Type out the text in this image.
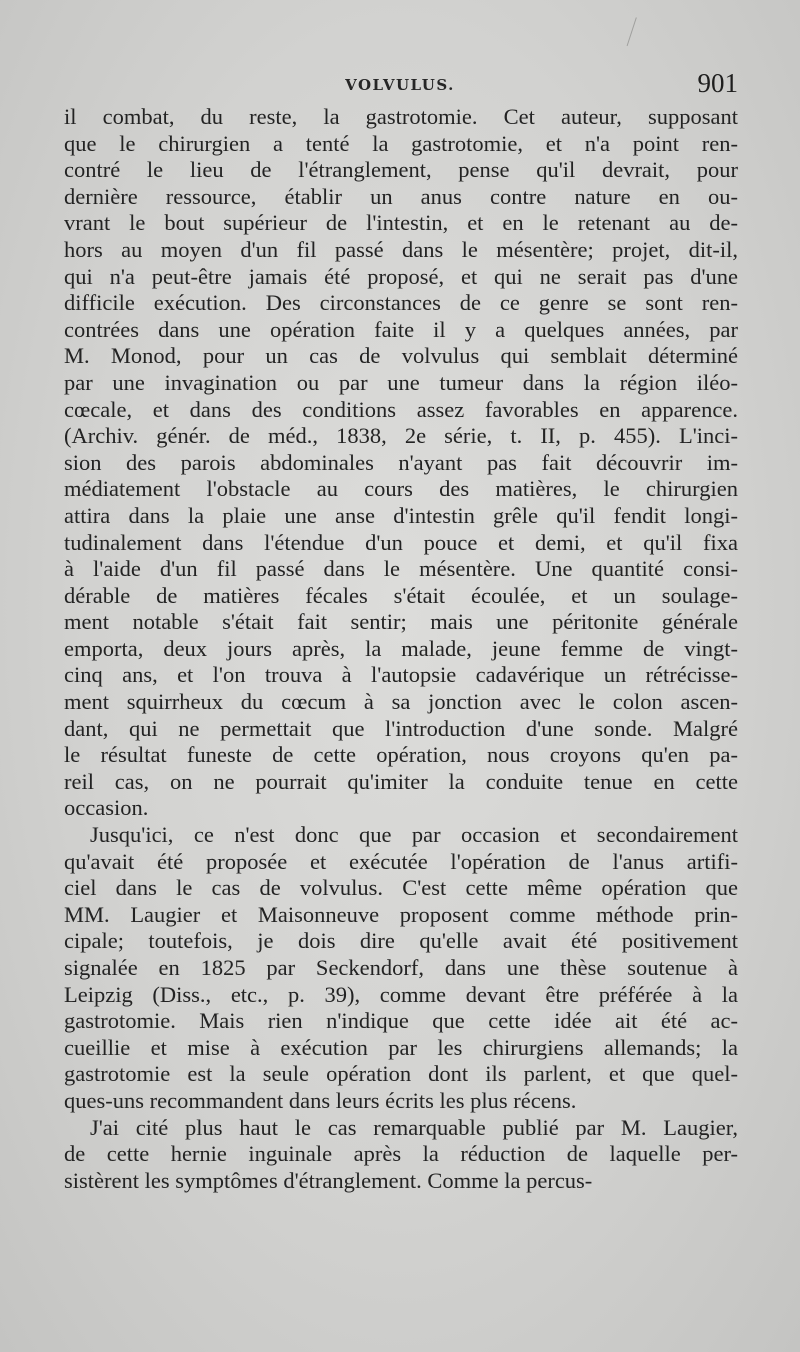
VOLVULUS.	901
il combat, du reste, la gastrotomie. Cet auteur, supposant
que le chirurgien a tenté la gastrotomie, et n'a point ren-
contré le lieu de l'étranglement, pense qu'il devrait, pour
dernière ressource, établir un anus contre nature en ou-
vrant le bout supérieur de l'intestin, et en le retenant au de-
hors au moyen d'un fil passé dans le mésentère; projet, dit-il,
qui n'a peut-être jamais été proposé, et qui ne serait pas d'une
difficile exécution. Des circonstances de ce genre se sont ren-
contrées dans une opération faite il y a quelques années, par
M. Monod, pour un cas de volvulus qui semblait déterminé
par une invagination ou par une tumeur dans la région iléo-
cœcale, et dans des conditions assez favorables en apparence.
(Archiv. génér. de méd., 1838, 2e série, t. II, p. 455). L'inci-
sion des parois abdominales n'ayant pas fait découvrir im-
médiatement l'obstacle au cours des matières, le chirurgien
attira dans la plaie une anse d'intestin grêle qu'il fendit longi-
tudinalement dans l'étendue d'un pouce et demi, et qu'il fixa
à l'aide d'un fil passé dans le mésentère. Une quantité consi-
dérable de matières fécales s'était écoulée, et un soulage-
ment notable s'était fait sentir; mais une péritonite générale
emporta, deux jours après, la malade, jeune femme de vingt-
cinq ans, et l'on trouva à l'autopsie cadavérique un rétrécisse-
ment squirrheux du cœcum à sa jonction avec le colon ascen-
dant, qui ne permettait que l'introduction d'une sonde. Malgré
le résultat funeste de cette opération, nous croyons qu'en pa-
reil cas, on ne pourrait qu'imiter la conduite tenue en cette
occasion.
Jusqu'ici, ce n'est donc que par occasion et secondairement
qu'avait été proposée et exécutée l'opération de l'anus artifi-
ciel dans le cas de volvulus. C'est cette même opération que
MM. Laugier et Maisonneuve proposent comme méthode prin-
cipale; toutefois, je dois dire qu'elle avait été positivement
signalée en 1825 par Seckendorf, dans une thèse soutenue à
Leipzig (Diss., etc., p. 39), comme devant être préférée à la
gastrotomie. Mais rien n'indique que cette idée ait été ac-
cueillie et mise à exécution par les chirurgiens allemands; la
gastrotomie est la seule opération dont ils parlent, et que quel-
ques-uns recommandent dans leurs écrits les plus récens.
J'ai cité plus haut le cas remarquable publié par M. Laugier,
de cette hernie inguinale après la réduction de laquelle per-
sistèrent les symptômes d'étranglement. Comme la percus-
